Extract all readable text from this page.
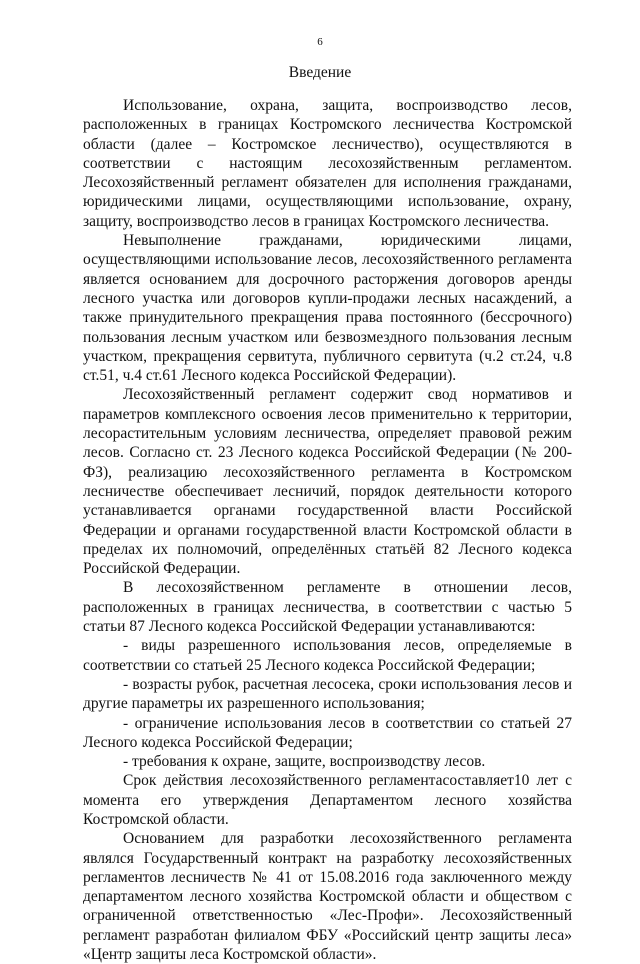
6
Введение

Использование, охрана, защита, воспроизводство лесов, расположенных в границах Костромского лесничества Костромской области (далее – Костромское лесничество), осуществляются в соответствии с настоящим лесохозяйственным регламентом. Лесохозяйственный регламент обязателен для исполнения гражданами, юридическими лицами, осуществляющими использование, охрану, защиту, воспроизводство лесов в границах Костромского лесничества.

Невыполнение гражданами, юридическими лицами, осуществляющими использование лесов, лесохозяйственного регламента является основанием для досрочного расторжения договоров аренды лесного участка или договоров купли-продажи лесных насаждений, а также принудительного прекращения права постоянного (бессрочного) пользования лесным участком или безвозмездного пользования лесным участком, прекращения сервитута, публичного сервитута (ч.2 ст.24, ч.8 ст.51, ч.4 ст.61 Лесного кодекса Российской Федерации).

Лесохозяйственный регламент содержит свод нормативов и параметров комплексного освоения лесов применительно к территории, лесорастительным условиям лесничества, определяет правовой режим лесов. Согласно ст. 23 Лесного кодекса Российской Федерации (№ 200-ФЗ), реализацию лесохозяйственного регламента в Костромском лесничестве обеспечивает лесничий, порядок деятельности которого устанавливается органами государственной власти Российской Федерации и органами государственной власти Костромской области в пределах их полномочий, определённых статьёй 82 Лесного кодекса Российской Федерации.

В лесохозяйственном регламенте в отношении лесов, расположенных в границах лесничества, в соответствии с частью 5 статьи 87 Лесного кодекса Российской Федерации устанавливаются:

- виды разрешенного использования лесов, определяемые в соответствии со статьей 25 Лесного кодекса Российской Федерации;

- возрасты рубок, расчетная лесосека, сроки использования лесов и другие параметры их разрешенного использования;

- ограничение использования лесов в соответствии со статьей 27 Лесного кодекса Российской Федерации;

- требования к охране, защите, воспроизводству лесов.

Срок действия лесохозяйственного регламентасоставляет10 лет с момента его утверждения Департаментом лесного хозяйства Костромской области.

Основанием для разработки лесохозяйственного регламента являлся Государственный контракт на разработку лесохозяйственных регламентов лесничеств № 41 от 15.08.2016 года заключенного между департаментом лесного хозяйства Костромской области и обществом с ограниченной ответственностью «Лес-Профи». Лесохозяйственный регламент разработан филиалом ФБУ «Российский центр защиты леса» «Центр защиты леса Костромской области».
